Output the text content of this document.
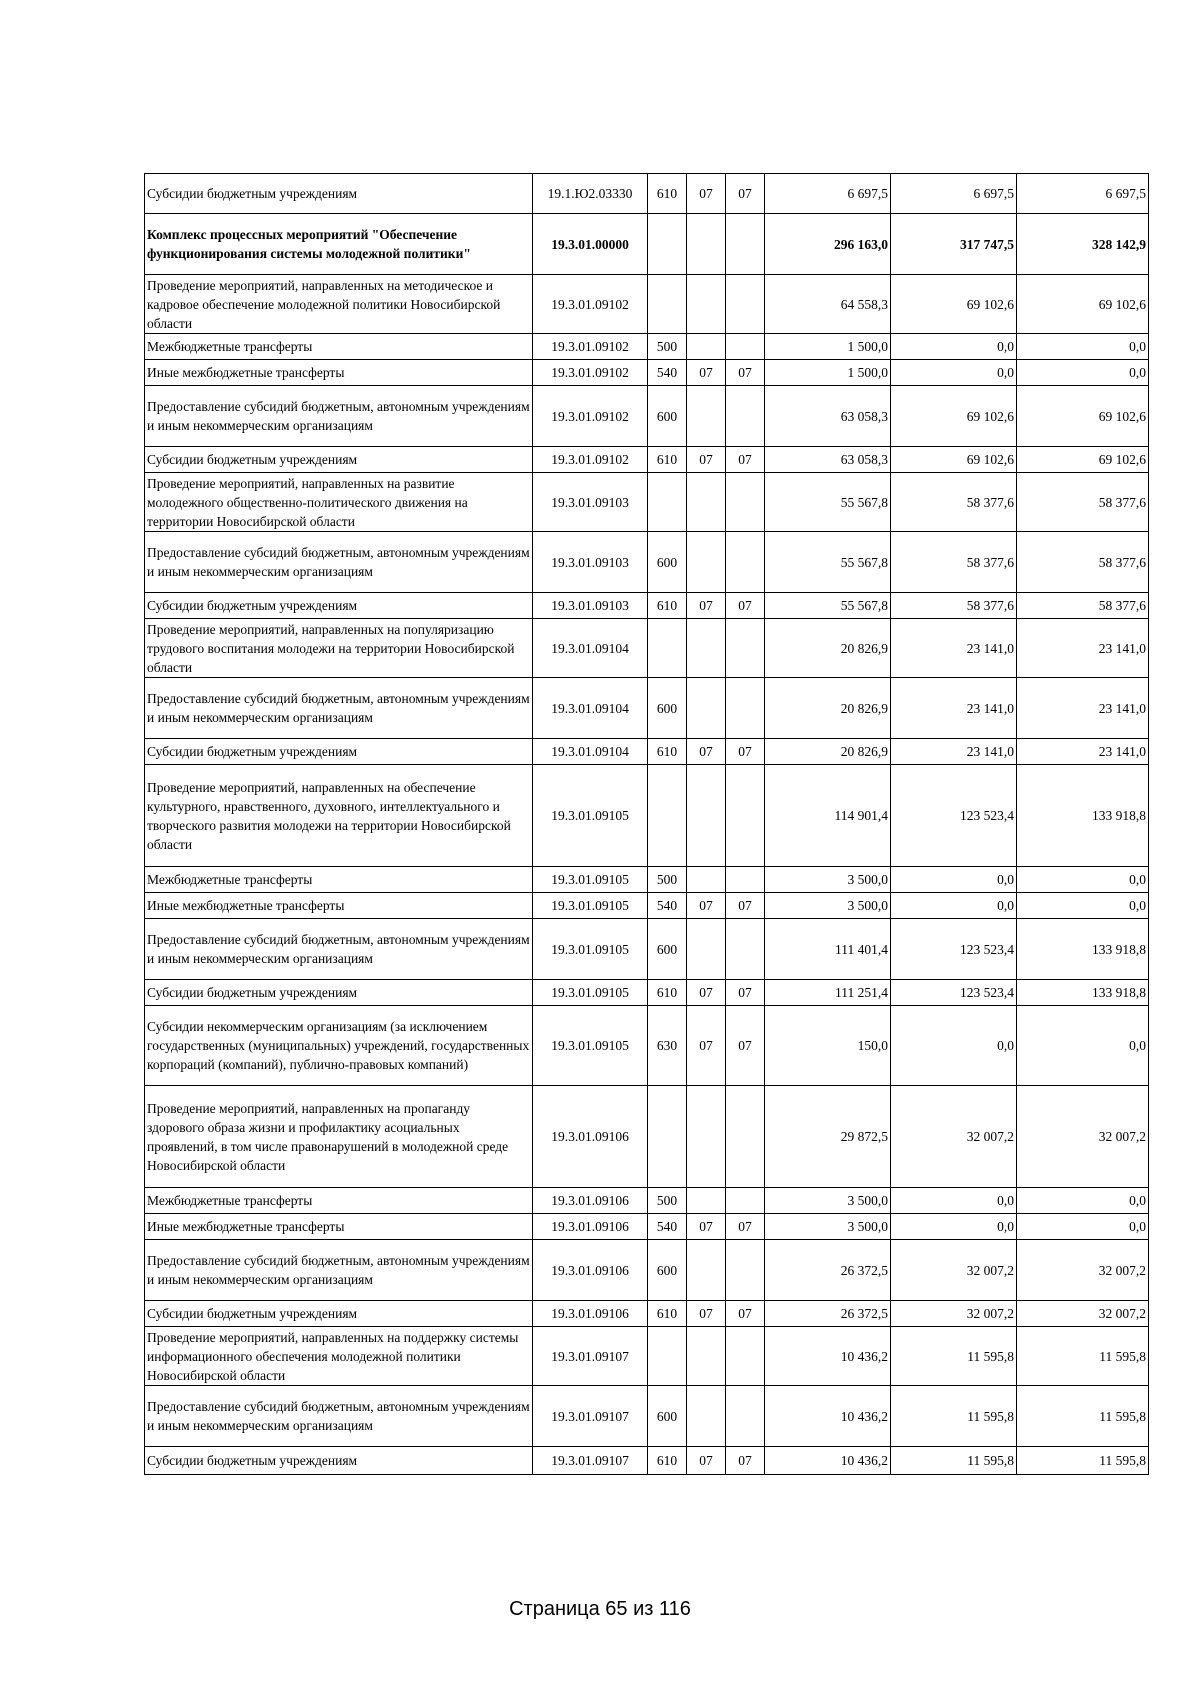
Субсидии бюджетным учреждениям	19.1.Ю2.03330	610	07	07	6 697,5	6 697,5	6 697,5
Комплекс процессных мероприятий "Обеспечение функционирования системы молодежной политики"	19.3.01.00000				296 163,0	317 747,5	328 142,9
Проведение мероприятий, направленных на методическое и кадровое обеспечение молодежной политики Новосибирской области	19.3.01.09102				64 558,3	69 102,6	69 102,6
Межбюджетные трансферты	19.3.01.09102	500			1 500,0	0,0	0,0
Иные межбюджетные трансферты	19.3.01.09102	540	07	07	1 500,0	0,0	0,0
Предоставление субсидий бюджетным, автономным учреждениям и иным некоммерческим организациям	19.3.01.09102	600			63 058,3	69 102,6	69 102,6
Субсидии бюджетным учреждениям	19.3.01.09102	610	07	07	63 058,3	69 102,6	69 102,6
Проведение мероприятий, направленных на развитие молодежного общественно-политического движения на территории Новосибирской области	19.3.01.09103				55 567,8	58 377,6	58 377,6
Предоставление субсидий бюджетным, автономным учреждениям и иным некоммерческим организациям	19.3.01.09103	600			55 567,8	58 377,6	58 377,6
Субсидии бюджетным учреждениям	19.3.01.09103	610	07	07	55 567,8	58 377,6	58 377,6
Проведение мероприятий, направленных на популяризацию трудового воспитания молодежи на территории Новосибирской области	19.3.01.09104				20 826,9	23 141,0	23 141,0
Предоставление субсидий бюджетным, автономным учреждениям и иным некоммерческим организациям	19.3.01.09104	600			20 826,9	23 141,0	23 141,0
Субсидии бюджетным учреждениям	19.3.01.09104	610	07	07	20 826,9	23 141,0	23 141,0
Проведение мероприятий, направленных на обеспечение культурного, нравственного, духовного, интеллектуального и творческого развития молодежи на территории Новосибирской области	19.3.01.09105				114 901,4	123 523,4	133 918,8
Межбюджетные трансферты	19.3.01.09105	500			3 500,0	0,0	0,0
Иные межбюджетные трансферты	19.3.01.09105	540	07	07	3 500,0	0,0	0,0
Предоставление субсидий бюджетным, автономным учреждениям и иным некоммерческим организациям	19.3.01.09105	600			111 401,4	123 523,4	133 918,8
Субсидии бюджетным учреждениям	19.3.01.09105	610	07	07	111 251,4	123 523,4	133 918,8
Субсидии некоммерческим организациям (за исключением государственных (муниципальных) учреждений, государственных корпораций (компаний), публично-правовых компаний)	19.3.01.09105	630	07	07	150,0	0,0	0,0
Проведение мероприятий, направленных на пропаганду здорового образа жизни и профилактику асоциальных проявлений, в том числе правонарушений в молодежной среде Новосибирской области	19.3.01.09106				29 872,5	32 007,2	32 007,2
Межбюджетные трансферты	19.3.01.09106	500			3 500,0	0,0	0,0
Иные межбюджетные трансферты	19.3.01.09106	540	07	07	3 500,0	0,0	0,0
Предоставление субсидий бюджетным, автономным учреждениям и иным некоммерческим организациям	19.3.01.09106	600			26 372,5	32 007,2	32 007,2
Субсидии бюджетным учреждениям	19.3.01.09106	610	07	07	26 372,5	32 007,2	32 007,2
Проведение мероприятий, направленных на поддержку системы информационного обеспечения молодежной политики Новосибирской области	19.3.01.09107				10 436,2	11 595,8	11 595,8
Предоставление субсидий бюджетным, автономным учреждениям и иным некоммерческим организациям	19.3.01.09107	600			10 436,2	11 595,8	11 595,8
Субсидии бюджетным учреждениям	19.3.01.09107	610	07	07	10 436,2	11 595,8	11 595,8
Страница 65 из 116
